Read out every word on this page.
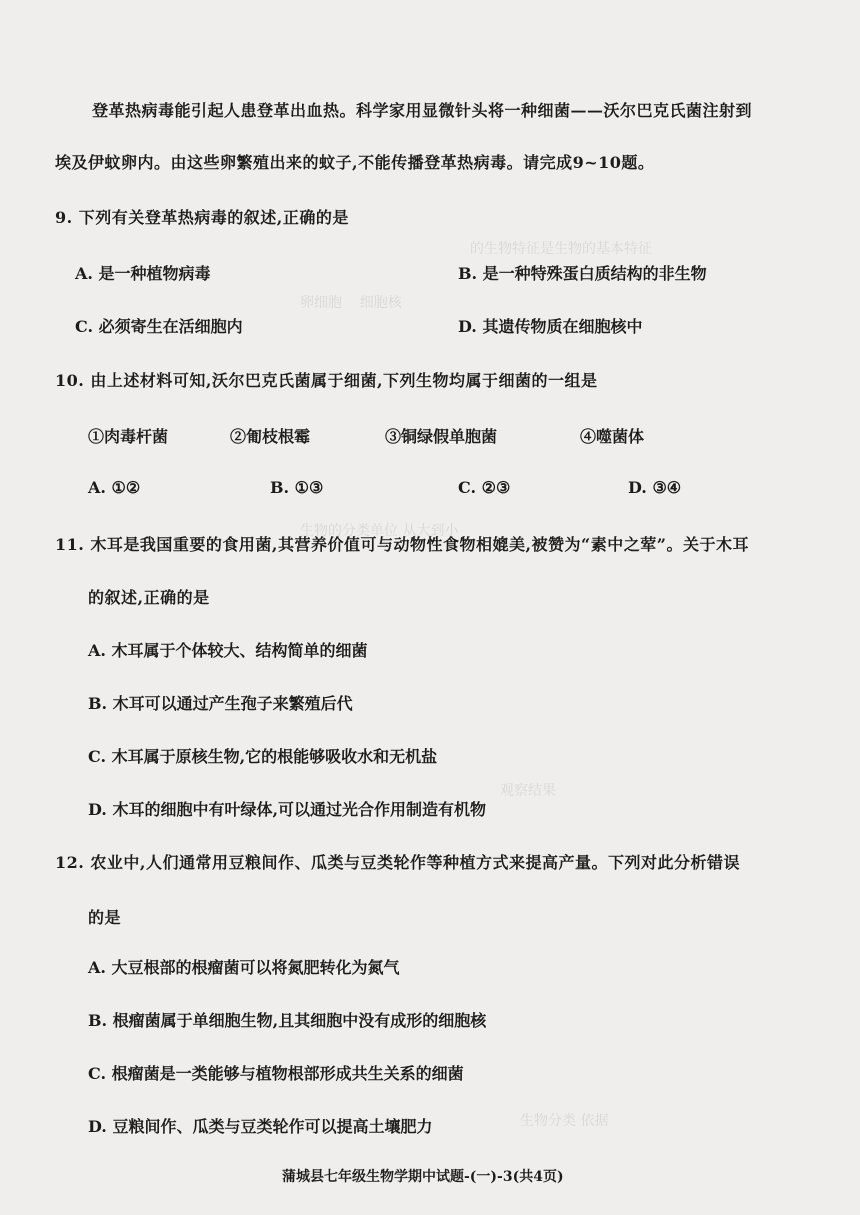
的生物特征是生物的基本特征
卵细胞    细胞核
生物的分类单位 从大到小
观察结果
生物分类 依据
登革热病毒能引起人患登革出血热。科学家用显微针头将一种细菌——沃尔巴克氏菌注射到
埃及伊蚊卵内。由这些卵繁殖出来的蚊子,不能传播登革热病毒。请完成9~10题。
9. 下列有关登革热病毒的叙述,正确的是
A. 是一种植物病毒	B. 是一种特殊蛋白质结构的非生物
C. 必须寄生在活细胞内	D. 其遗传物质在细胞核中
10. 由上述材料可知,沃尔巴克氏菌属于细菌,下列生物均属于细菌的一组是
①肉毒杆菌	②匍枝根霉	③铜绿假单胞菌	④噬菌体
A. ①②	B. ①③	C. ②③	D. ③④
11. 木耳是我国重要的食用菌,其营养价值可与动物性食物相媲美,被赞为“素中之荤”。关于木耳
的叙述,正确的是
A. 木耳属于个体较大、结构简单的细菌
B. 木耳可以通过产生孢子来繁殖后代
C. 木耳属于原核生物,它的根能够吸收水和无机盐
D. 木耳的细胞中有叶绿体,可以通过光合作用制造有机物
12. 农业中,人们通常用豆粮间作、瓜类与豆类轮作等种植方式来提高产量。下列对此分析错误
的是
A. 大豆根部的根瘤菌可以将氮肥转化为氮气
B. 根瘤菌属于单细胞生物,且其细胞中没有成形的细胞核
C. 根瘤菌是一类能够与植物根部形成共生关系的细菌
D. 豆粮间作、瓜类与豆类轮作可以提高土壤肥力
蒲城县七年级生物学期中试题-(一)-3(共4页)
